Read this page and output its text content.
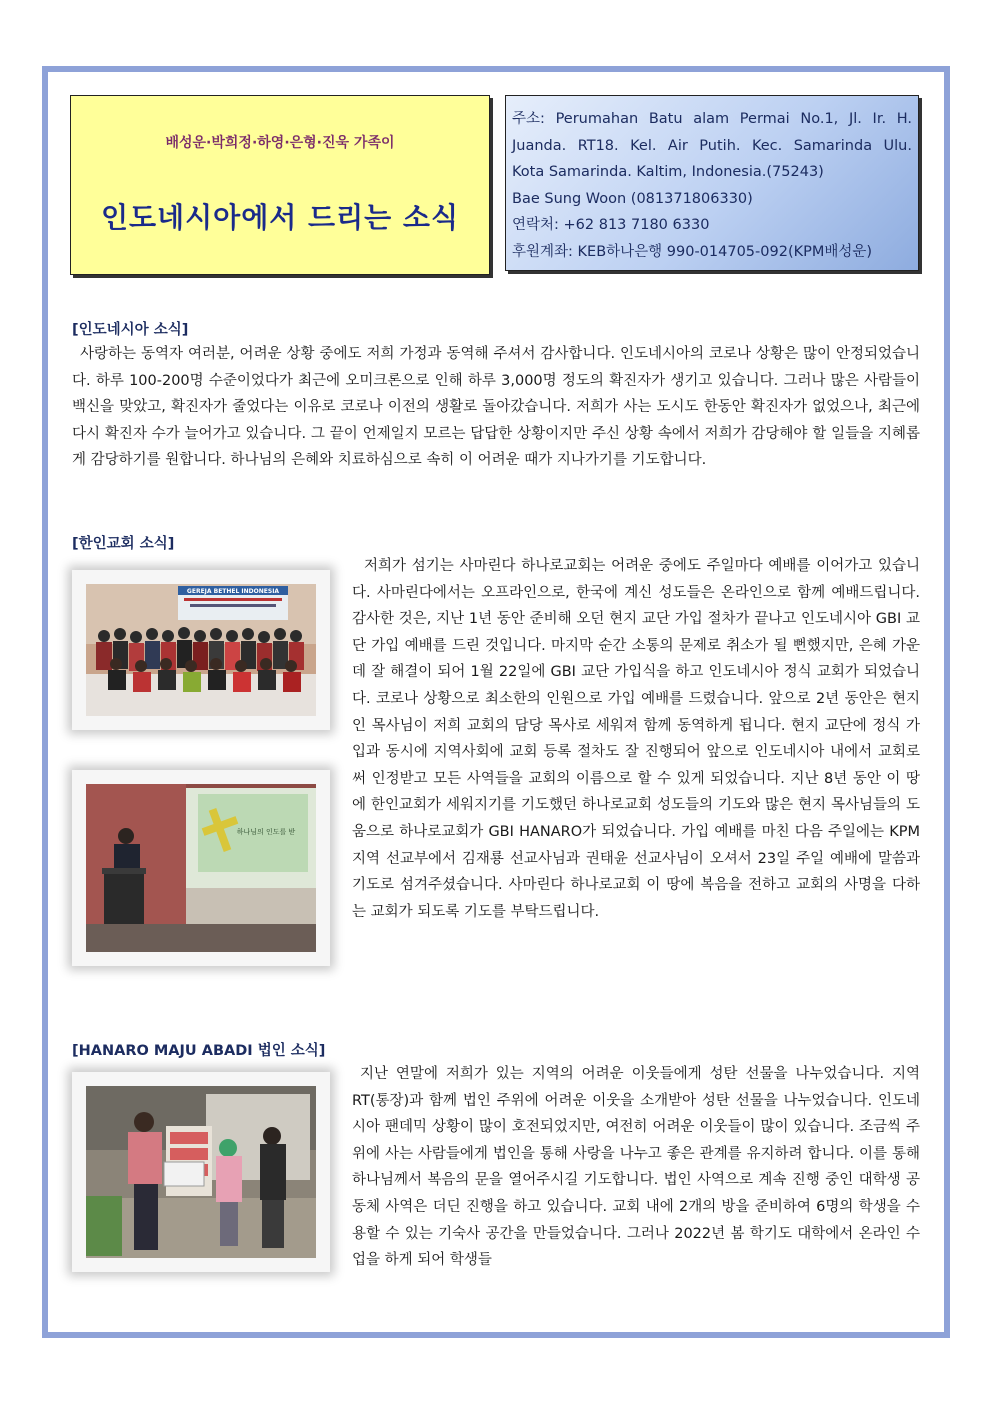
배성운·박희정·하영·은형·진욱 가족이
인도네시아에서 드리는 소식

주소: Perumahan Batu alam Permai No.1, Jl. Ir. H.

Juanda. RT18. Kel. Air Putih. Kec. Samarinda Ulu.

Kota Samarinda. Kaltim, Indonesia.(75243)

Bae Sung Woon (081371806330)

연락처: +62 813 7180 6330

후원계좌: KEB하나은행 990-014705-092(KPM배성운)

[인도네시아 소식]
사랑하는 동역자 여러분, 어려운 상황 중에도 저희 가정과 동역해 주셔서 감사합니다. 인도네시아의 코로나 상황은 많이 안정되었습니다. 하루 100-200명 수준이었다가 최근에 오미크론으로 인해 하루 3,000명 정도의 확진자가 생기고 있습니다. 그러나 많은 사람들이 백신을 맞았고, 확진자가 줄었다는 이유로 코로나 이전의 생활로 돌아갔습니다. 저희가 사는 도시도 한동안 확진자가 없었으나, 최근에 다시 확진자 수가 늘어가고 있습니다. 그 끝이 언제일지 모르는 답답한 상황이지만 주신 상황 속에서 저희가 감당해야 할 일들을 지혜롭게 감당하기를 원합니다. 하나님의 은혜와 치료하심으로 속히 이 어려운 때가 지나가기를 기도합니다.
[한인교회 소식]
저희가 섬기는 사마린다 하나로교회는 어려운 중에도 주일마다 예배를 이어가고 있습니다. 사마린다에서는 오프라인으로, 한국에 계신 성도들은 온라인으로 함께 예배드립니다. 감사한 것은, 지난 1년 동안 준비해 오던 현지 교단 가입 절차가 끝나고 인도네시아 GBI 교단 가입 예배를 드린 것입니다. 마지막 순간 소통의 문제로 취소가 될 뻔했지만, 은혜 가운데 잘 해결이 되어 1월 22일에 GBI 교단 가입식을 하고 인도네시아 정식 교회가 되었습니다. 코로나 상황으로 최소한의 인원으로 가입 예배를 드렸습니다. 앞으로 2년 동안은 현지인 목사님이 저희 교회의 담당 목사로 세워져 함께 동역하게 됩니다. 현지 교단에 정식 가입과 동시에 지역사회에 교회 등록 절차도 잘 진행되어 앞으로 인도네시아 내에서 교회로써 인정받고 모든 사역들을 교회의 이름으로 할 수 있게 되었습니다. 지난 8년 동안 이 땅에 한인교회가 세워지기를 기도했던 하나로교회 성도들의 기도와 많은 현지 목사님들의 도움으로 하나로교회가 GBI HANARO가 되었습니다. 가입 예배를 마친 다음 주일에는 KPM 지역 선교부에서 김재룡 선교사님과 권태윤 선교사님이 오셔서 23일 주일 예배에 말씀과 기도로 섬겨주셨습니다. 사마린다 하나로교회 이 땅에 복음을 전하고 교회의 사명을 다하는 교회가 되도록 기도를 부탁드립니다.
GEREJA BETHEL INDONESIA
하나님의 인도를 받
[HANARO MAJU ABADI 법인 소식]
지난 연말에 저희가 있는 지역의 어려운 이웃들에게 성탄 선물을 나누었습니다. 지역 RT(통장)과 함께 법인 주위에 어려운 이웃을 소개받아 성탄 선물을 나누었습니다. 인도네시아 팬데믹 상황이 많이 호전되었지만, 여전히 어려운 이웃들이 많이 있습니다. 조금씩 주위에 사는 사람들에게 법인을 통해 사랑을 나누고 좋은 관계를 유지하려 합니다. 이를 통해 하나님께서 복음의 문을 열어주시길 기도합니다. 법인 사역으로 계속 진행 중인 대학생 공동체 사역은 더딘 진행을 하고 있습니다. 교회 내에 2개의 방을 준비하여 6명의 학생을 수용할 수 있는 기숙사 공간을 만들었습니다. 그러나 2022년 봄 학기도 대학에서 온라인 수업을 하게 되어 학생들
